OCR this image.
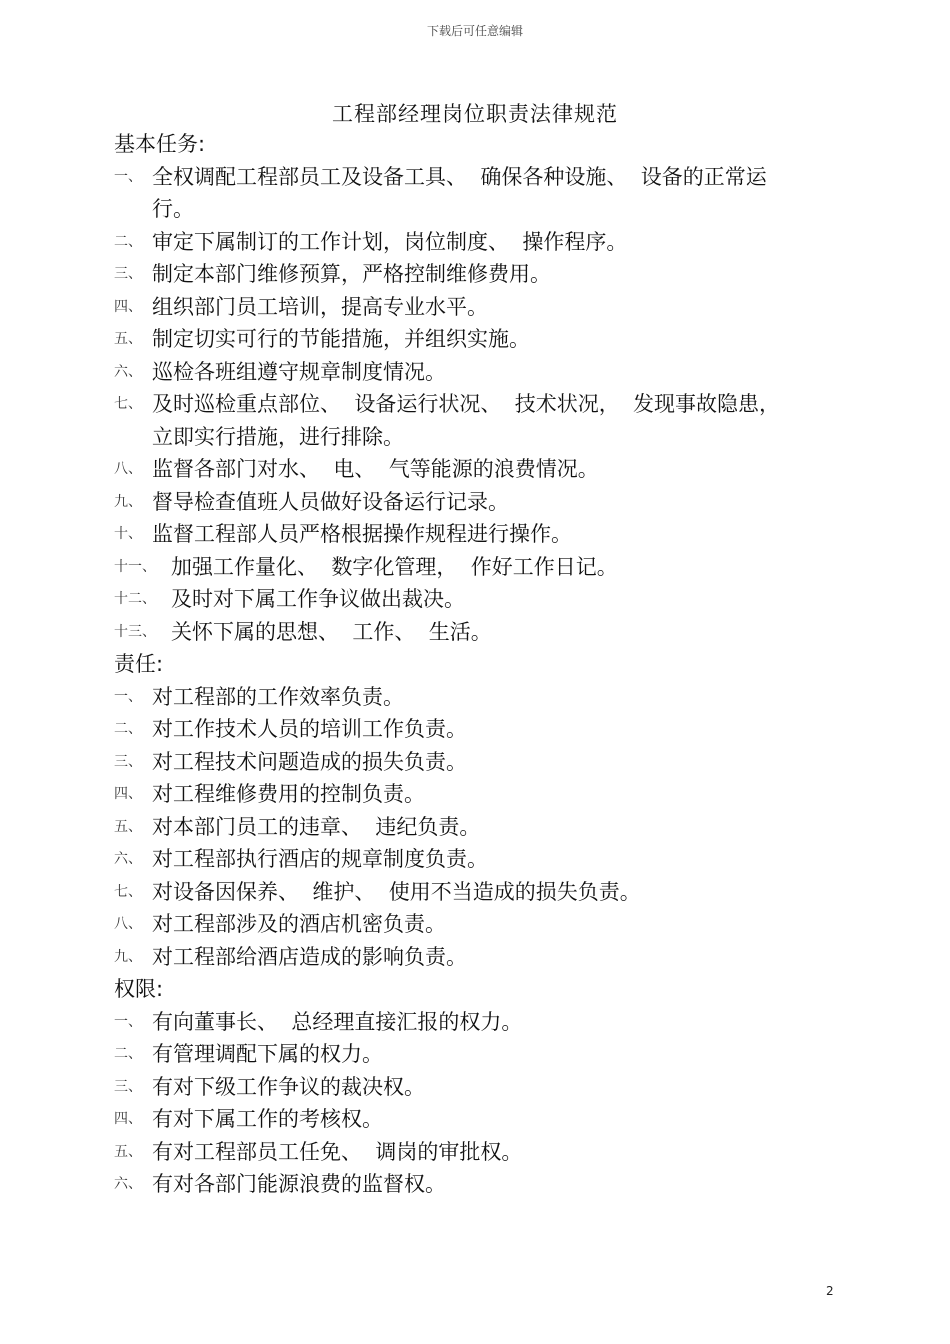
下载后可任意编辑
工程部经理岗位职责法律规范
基本任务:
一、 全权调配工程部员工及设备工具、  确保各种设施、  设备的正常运
行。
二、 审定下属制订的工作计划，岗位制度、  操作程序。
三、 制定本部门维修预算，严格控制维修费用。
四、 组织部门员工培训，提高专业水平。
五、 制定切实可行的节能措施，并组织实施。
六、 巡检各班组遵守规章制度情况。
七、 及时巡检重点部位、  设备运行状况、  技术状况，  发现事故隐患，
立即实行措施，进行排除。
八、 监督各部门对水、  电、  气等能源的浪费情况。
九、 督导检查值班人员做好设备运行记录。
十、 监督工程部人员严格根据操作规程进行操作。
十一、 加强工作量化、  数字化管理，  作好工作日记。
十二、 及时对下属工作争议做出裁决。
十三、 关怀下属的思想、  工作、  生活。
责任:
一、 对工程部的工作效率负责。
二、 对工作技术人员的培训工作负责。
三、 对工程技术问题造成的损失负责。
四、 对工程维修费用的控制负责。
五、 对本部门员工的违章、  违纪负责。
六、 对工程部执行酒店的规章制度负责。
七、 对设备因保养、  维护、  使用不当造成的损失负责。
八、 对工程部涉及的酒店机密负责。
九、 对工程部给酒店造成的影响负责。
权限:
一、 有向董事长、  总经理直接汇报的权力。
二、 有管理调配下属的权力。
三、 有对下级工作争议的裁决权。
四、 有对下属工作的考核权。
五、 有对工程部员工任免、  调岗的审批权。
六、 有对各部门能源浪费的监督权。
2
